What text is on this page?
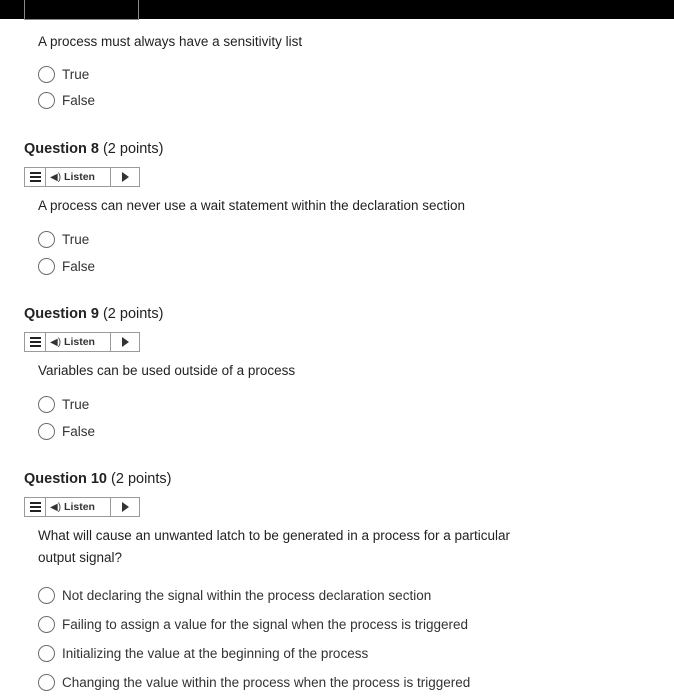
A process must always have a sensitivity list
True
False
Question 8 (2 points)
◀) Listen
A process can never use a wait statement within the declaration section
True
False
Question 9 (2 points)
◀) Listen
Variables can be used outside of a process
True
False
Question 10 (2 points)
◀) Listen
What will cause an unwanted latch to be generated in a process for a particular
output signal?
Not declaring the signal within the process declaration section
Failing to assign a value for the signal when the process is triggered
Initializing the value at the beginning of the process
Changing the value within the process when the process is triggered
